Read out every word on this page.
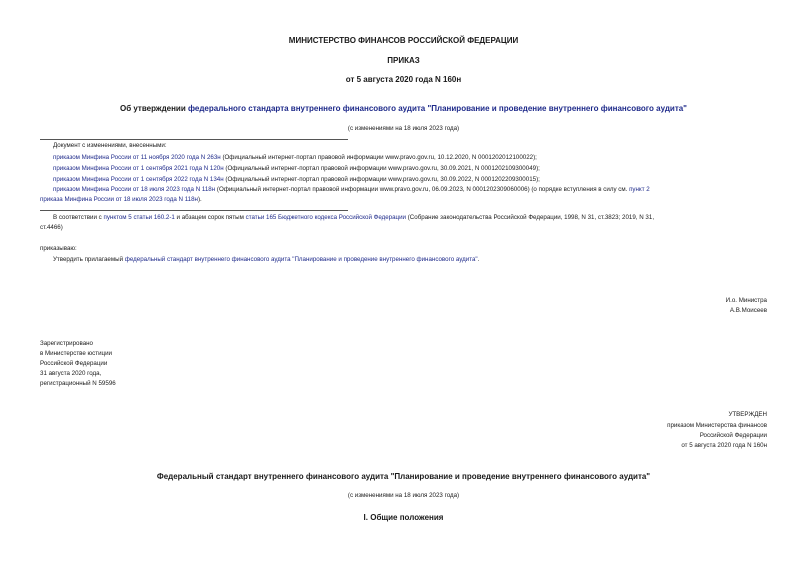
МИНИСТЕРСТВО ФИНАНСОВ РОССИЙСКОЙ ФЕДЕРАЦИИ
ПРИКАЗ
от 5 августа 2020 года N 160н
Об утверждении федерального стандарта внутреннего финансового аудита "Планирование и проведение внутреннего финансового аудита"
(с изменениями на 18 июля 2023 года)
Документ с изменениями, внесенными:
приказом Минфина России от 11 ноября 2020 года N 263н (Официальный интернет-портал правовой информации www.pravo.gov.ru, 10.12.2020, N 0001202012100022);
приказом Минфина России от 1 сентября 2021 года N 120н (Официальный интернет-портал правовой информации www.pravo.gov.ru, 30.09.2021, N 0001202109300049);
приказом Минфина России от 1 сентября 2022 года N 134н (Официальный интернет-портал правовой информации www.pravo.gov.ru, 30.09.2022, N 0001202209300015);
приказом Минфина России от 18 июля 2023 года N 118н (Официальный интернет-портал правовой информации www.pravo.gov.ru, 06.09.2023, N 0001202309060006) (о порядке вступления в силу см. пункт 2
приказа Минфина России от 18 июля 2023 года N 118н).
В соответствии с пунктом 5 статьи 160.2-1 и абзацем сорок пятым статьи 165 Бюджетного кодекса Российской Федерации (Собрание законодательства Российской Федерации, 1998, N 31, ст.3823; 2019, N 31,
ст.4466)
приказываю:
Утвердить прилагаемый федеральный стандарт внутреннего финансового аудита "Планирование и проведение внутреннего финансового аудита".
И.о. Министра
А.В.Моисеев
Зарегистрировано
в Министерстве юстиции
Российской Федерации
31 августа 2020 года,
регистрационный N 59596
УТВЕРЖДЕН
приказом Министерства финансов
Российской Федерации
от 5 августа 2020 года N 160н
Федеральный стандарт внутреннего финансового аудита "Планирование и проведение внутреннего финансового аудита"
(с изменениями на 18 июля 2023 года)
I. Общие положения
